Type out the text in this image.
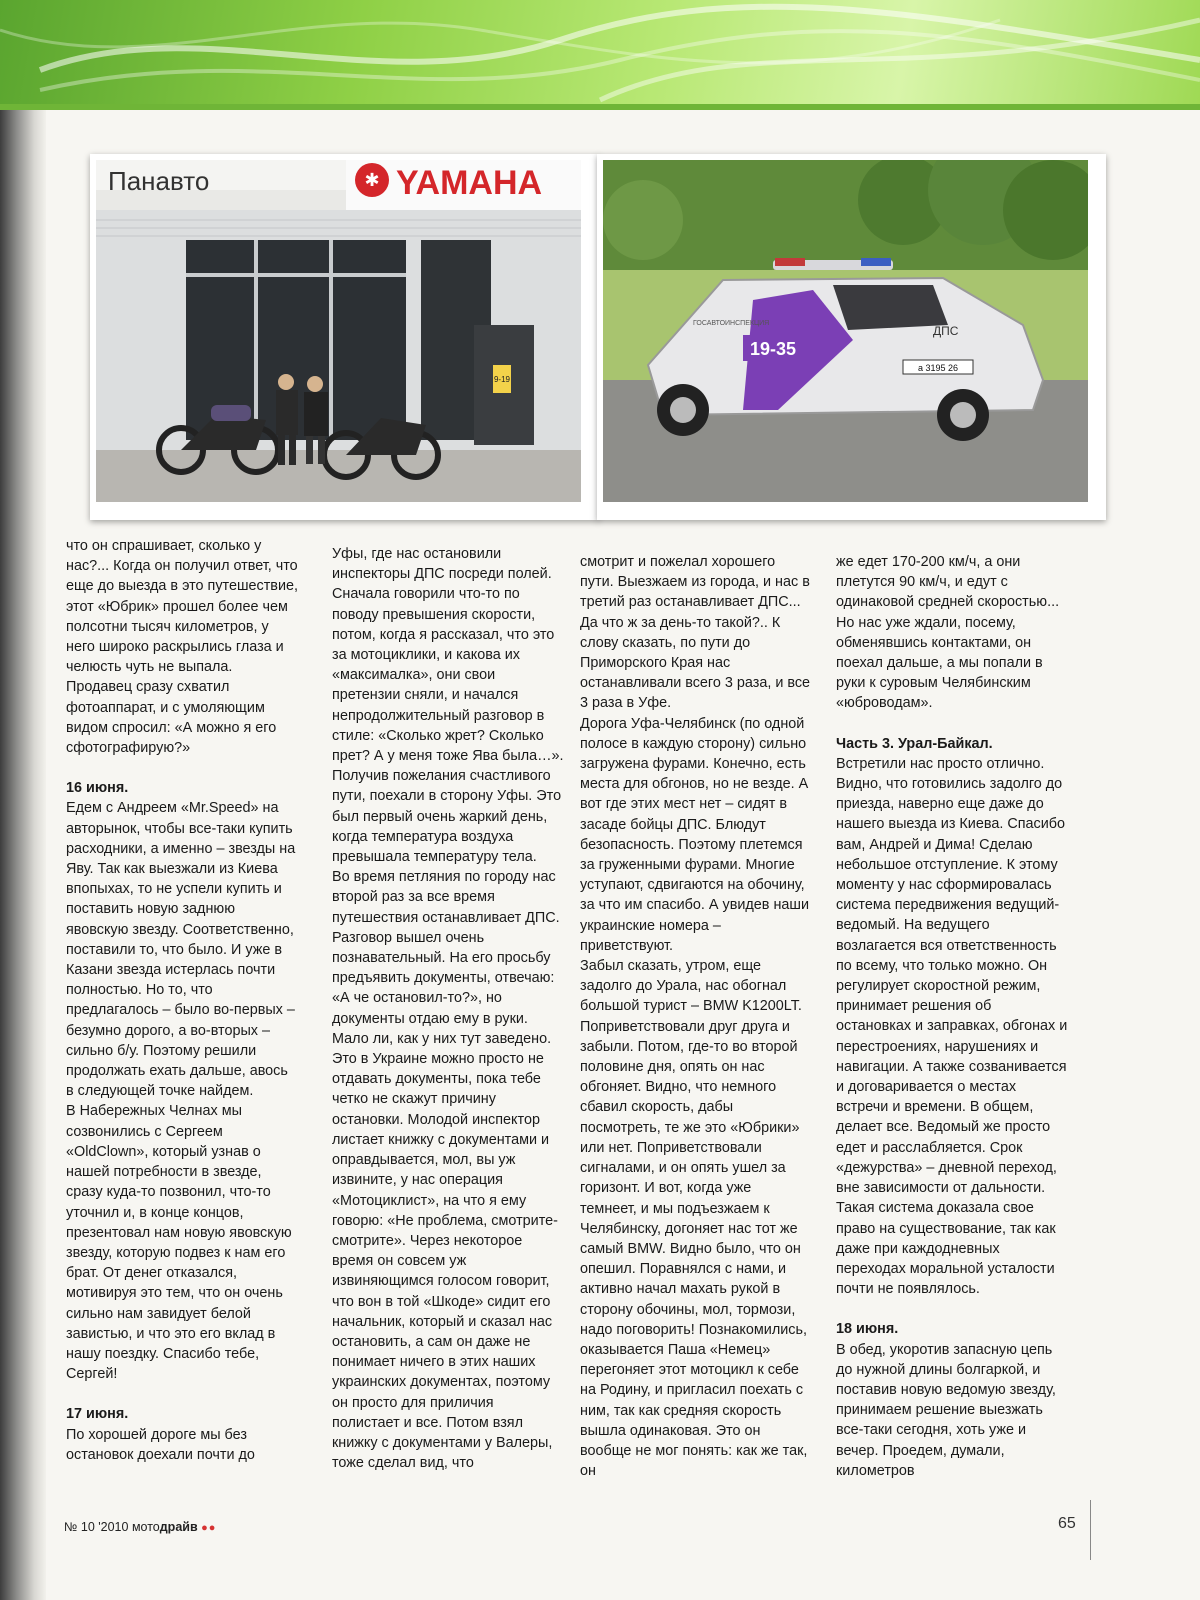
✱ YAMAHA
Панавто
9-19
19-35
ДПС
ГОСАВТОИНСПЕКЦИЯ
а 3195 26

что он спрашивает, сколько у нас?... Когда он получил ответ, что еще до выезда в это путешествие, этот «Юбрик» прошел более чем полсотни тысяч километров, у него широко раскрылись глаза и челюсть чуть не выпала. Продавец сразу схватил фотоаппарат, и с умоляющим видом спросил: «А можно я его сфотографирую?»

16 июня.

Едем с Андреем «Mr.Speed» на авторынок, чтобы все-таки купить расходники, а именно – звезды на Яву. Так как выезжали из Киева впопыхах, то не успели купить и поставить новую заднюю явовскую звезду. Соответственно, поставили то, что было. И уже в Казани звезда истерлась почти полностью. Но то, что предлагалось – было во-первых – безумно дорого, а во-вторых – сильно б/у. Поэтому решили продолжать ехать дальше, авось в следующей точке найдем.

В Набережных Челнах мы созвонились с Сергеем «OldClown», который узнав о нашей потребности в звезде, сразу куда-то позвонил, что-то уточнил и, в конце концов, презентовал нам новую явовскую звезду, которую подвез к нам его брат. От денег отказался, мотивируя это тем, что он очень сильно нам завидует белой завистью, и что это его вклад в нашу поездку. Спасибо тебе, Сергей!

17 июня.

По хорошей дороге мы без остановок доехали почти до

Уфы, где нас остановили инспекторы ДПС посреди полей. Сначала говорили что-то по поводу превышения скорости, потом, когда я рассказал, что это за мотоциклики, и какова их «максималка», они свои претензии сняли, и начался непродолжительный разговор в стиле: «Сколько жрет? Сколько прет? А у меня тоже Ява была…». Получив пожелания счастливого пути, поехали в сторону Уфы. Это был первый очень жаркий день, когда температура воздуха превышала температуру тела.

Во время петляния по городу нас второй раз за все время путешествия останавливает ДПС. Разговор вышел очень познавательный. На его просьбу предъявить документы, отвечаю: «А че остановил-то?», но документы отдаю ему в руки. Мало ли, как у них тут заведено. Это в Украине можно просто не отдавать документы, пока тебе четко не скажут причину остановки. Молодой инспектор листает книжку с документами и оправдывается, мол, вы уж извините, у нас операция «Мотоциклист», на что я ему говорю: «Не проблема, смотрите-смотрите». Через некоторое время он совсем уж извиняющимся голосом говорит, что вон в той «Шкоде» сидит его начальник, который и сказал нас остановить, а сам он даже не понимает ничего в этих наших украинских документах, поэтому он просто для приличия полистает и все. Потом взял книжку с документами у Валеры, тоже сделал вид, что

смотрит и пожелал хорошего пути. Выезжаем из города, и нас в третий раз останавливает ДПС... Да что ж за день-то такой?.. К слову сказать, по пути до Приморского Края нас останавливали всего 3 раза, и все 3 раза в Уфе.

Дорога Уфа-Челябинск (по одной полосе в каждую сторону) сильно загружена фурами. Конечно, есть места для обгонов, но не везде. А вот где этих мест нет – сидят в засаде бойцы ДПС. Блюдут безопасность. Поэтому плетемся за груженными фурами. Многие уступают, сдвигаются на обочину, за что им спасибо. А увидев наши украинские номера – приветствуют.

Забыл сказать, утром, еще задолго до Урала, нас обогнал большой турист – BMW K1200LT. Поприветствовали друг друга и забыли. Потом, где-то во второй половине дня, опять он нас обгоняет. Видно, что немного сбавил скорость, дабы посмотреть, те же это «Юбрики» или нет. Поприветствовали сигналами, и он опять ушел за горизонт. И вот, когда уже темнеет, и мы подъезжаем к Челябинску, догоняет нас тот же самый BMW. Видно было, что он опешил. Поравнялся с нами, и активно начал махать рукой в сторону обочины, мол, тормози, надо поговорить! Познакомились, оказывается Паша «Немец» перегоняет этот мотоцикл к себе на Родину, и пригласил поехать с ним, так как средняя скорость вышла одинаковая. Это он вообще не мог понять: как же так, он

же едет 170-200 км/ч, а они плетутся 90 км/ч, и едут с одинаковой средней скоростью... Но нас уже ждали, посему, обменявшись контактами, он поехал дальше, а мы попали в руки к суровым Челябинским «юброводам».

Часть 3. Урал-Байкал.

Встретили нас просто отлично. Видно, что готовились задолго до приезда, наверно еще даже до нашего выезда из Киева. Спасибо вам, Андрей и Дима! Сделаю небольшое отступление. К этому моменту у нас сформировалась система передвижения ведущий-ведомый. На ведущего возлагается вся ответственность по всему, что только можно. Он регулирует скоростной режим, принимает решения об остановках и заправках, обгонах и перестроениях, нарушениях и навигации. А также созванивается и договаривается о местах встречи и времени. В общем, делает все. Ведомый же просто едет и расслабляется. Срок «дежурства» – дневной переход, вне зависимости от дальности. Такая система доказала свое право на существование, так как даже при каждодневных переходах моральной усталости почти не появлялось.

18 июня.

В обед, укоротив запасную цепь до нужной длины болгаркой, и поставив новую ведомую звезду, принимаем решение выезжать все-таки сегодня, хоть уже и вечер. Проедем, думали, километров

№ 10 '2010 мотодрайв ●●	65
